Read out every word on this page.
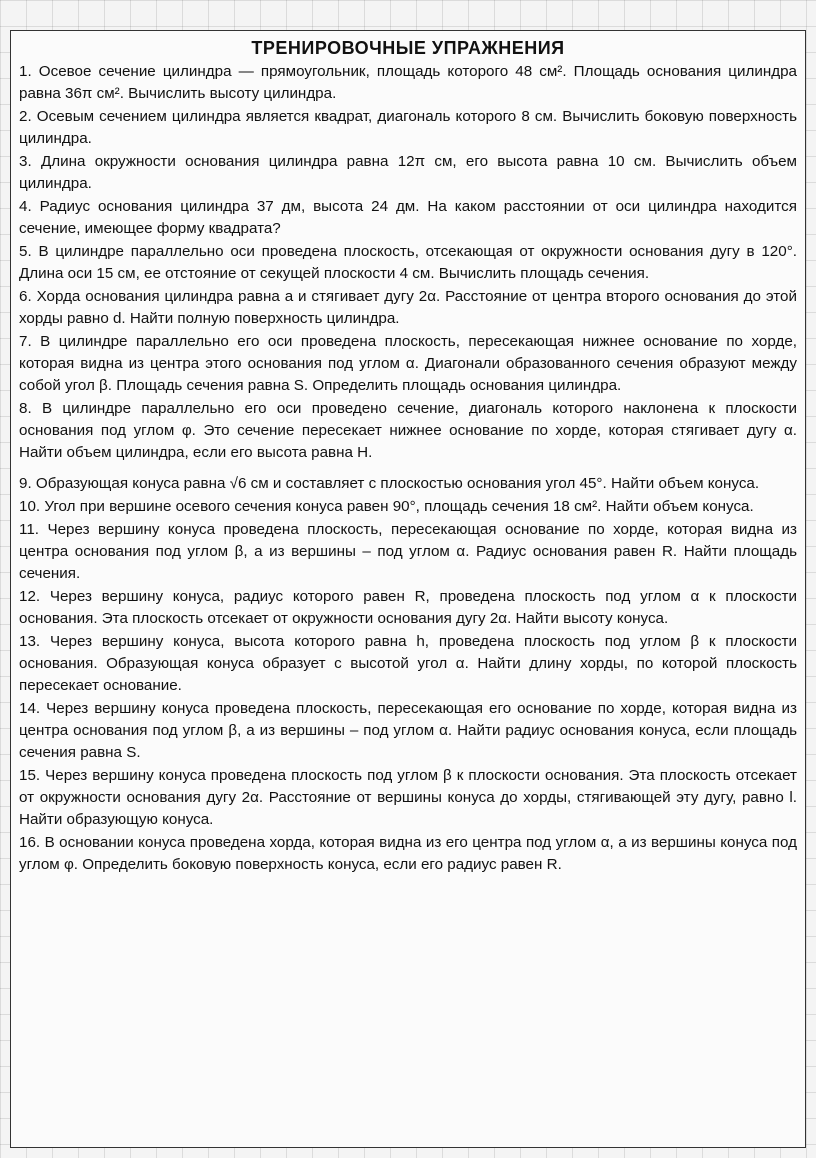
ТРЕНИРОВОЧНЫЕ УПРАЖНЕНИЯ

1. Осевое сечение цилиндра — прямоугольник, площадь которого 48 см². Площадь основания цилиндра равна 36π см². Вычислить высоту цилиндра.

2. Осевым сечением цилиндра является квадрат, диагональ которого 8 см. Вычислить боковую поверхность цилиндра.

3. Длина окружности основания цилиндра равна 12π см, его высота равна 10 см. Вычислить объем цилиндра.

4. Радиус основания цилиндра 37 дм, высота 24 дм. На каком расстоянии от оси цилиндра находится сечение, имеющее форму квадрата?

5. В цилиндре параллельно оси проведена плоскость, отсекающая от окружности основания дугу в 120°. Длина оси 15 см, ее отстояние от секущей плоскости 4 см. Вычислить площадь сечения.

6. Хорда основания цилиндра равна a и стягивает дугу 2α. Расстояние от центра второго основания до этой хорды равно d. Найти полную поверхность цилиндра.

7. В цилиндре параллельно его оси проведена плоскость, пересекающая нижнее основание по хорде, которая видна из центра этого основания под углом α. Диагонали образованного сечения образуют между собой угол β. Площадь сечения равна S. Определить площадь основания цилиндра.

8. В цилиндре параллельно его оси проведено сечение, диагональ которого наклонена к плоскости основания под углом φ. Это сечение пересекает нижнее основание по хорде, которая стягивает дугу α. Найти объем цилиндра, если его высота равна H.

9. Образующая конуса равна √6 см и составляет с плоскостью основания угол 45°. Найти объем конуса.

10. Угол при вершине осевого сечения конуса равен 90°, площадь сечения 18 см². Найти объем конуса.

11. Через вершину конуса проведена плоскость, пересекающая основание по хорде, которая видна из центра основания под углом β, а из вершины – под углом α. Радиус основания равен R. Найти площадь сечения.

12. Через вершину конуса, радиус которого равен R, проведена плоскость под углом α к плоскости основания. Эта плоскость отсекает от окружности основания дугу 2α. Найти высоту конуса.

13. Через вершину конуса, высота которого равна h, проведена плоскость под углом β к плоскости основания. Образующая конуса образует с высотой угол α. Найти длину хорды, по которой плоскость пересекает основание.

14. Через вершину конуса проведена плоскость, пересекающая его основание по хорде, которая видна из центра основания под углом β, а из вершины – под углом α. Найти радиус основания конуса, если площадь сечения равна S.

15. Через вершину конуса проведена плоскость под углом β к плоскости основания. Эта плоскость отсекает от окружности основания дугу 2α. Расстояние от вершины конуса до хорды, стягивающей эту дугу, равно l. Найти образующую конуса.

16. В основании конуса проведена хорда, которая видна из его центра под углом α, а из вершины конуса под углом φ. Определить боковую поверхность конуса, если его радиус равен R.
